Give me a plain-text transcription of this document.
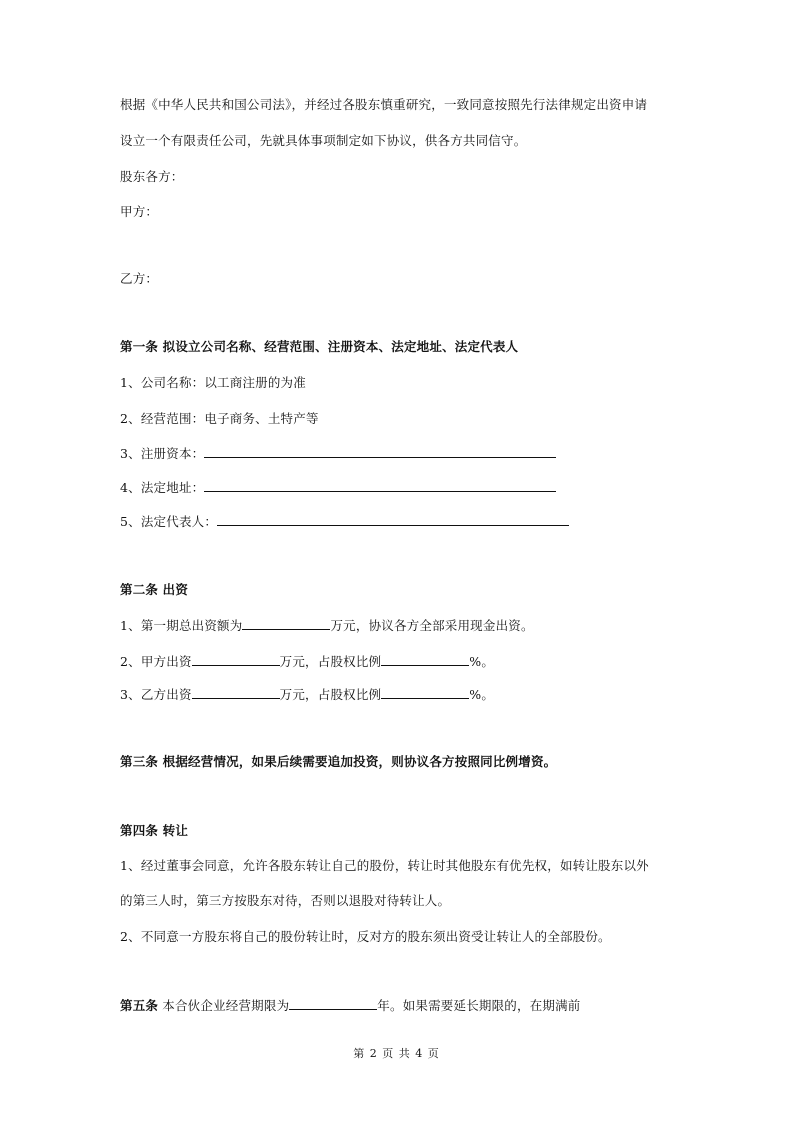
根据《中华人民共和国公司法》，并经过各股东慎重研究，一致同意按照先行法律规定出资申请
设立一个有限责任公司，先就具体事项制定如下协议，供各方共同信守。
股东各方：
甲方：
乙方：
第一条 拟设立公司名称、经营范围、注册资本、法定地址、法定代表人
1、公司名称：以工商注册的为准
2、经营范围：电子商务、土特产等
3、注册资本：
4、法定地址：
5、法定代表人：
第二条 出资
1、第一期总出资额为	万元，协议各方全部采用现金出资。
2、甲方出资	万元，占股权比例	%。
3、乙方出资	万元，占股权比例	%。
第三条 根据经营情况，如果后续需要追加投资，则协议各方按照同比例增资。
第四条 转让
1、经过董事会同意，允许各股东转让自己的股份，转让时其他股东有优先权，如转让股东以外
的第三人时，第三方按股东对待，否则以退股对待转让人。
2、不同意一方股东将自己的股份转让时，反对方的股东须出资受让转让人的全部股份。
第五条 本合伙企业经营期限为	年。如果需要延长期限的，在期满前
第 2 页 共 4 页
